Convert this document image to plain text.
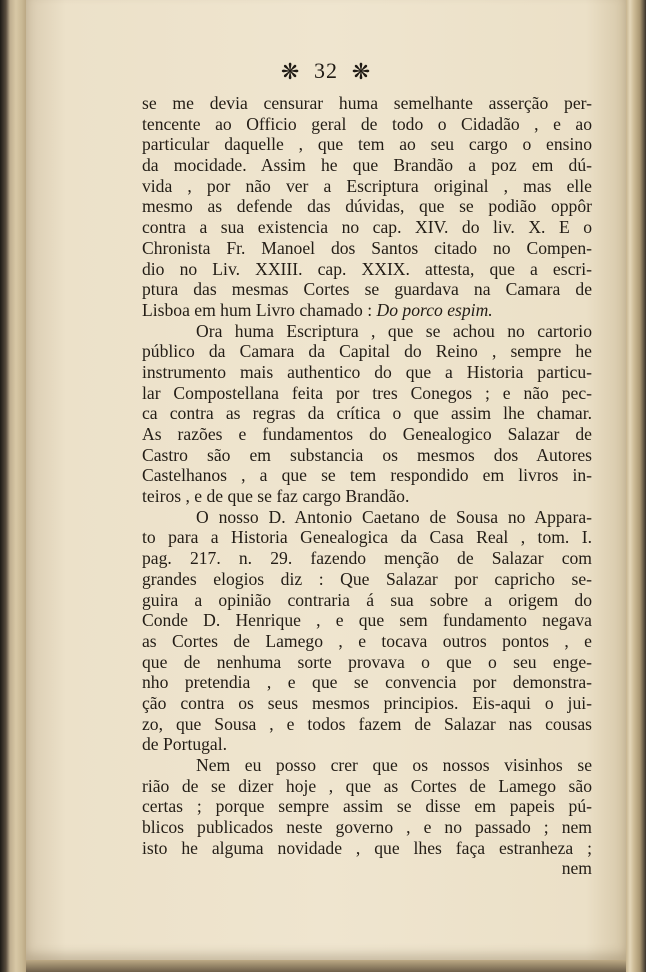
❋ 32 ❋
se me devia censurar huma semelhante asserção per-
tencente ao Officio geral de todo o Cidadão , e ao
particular daquelle , que tem ao seu cargo o ensino
da mocidade. Assim he que Brandão a poz em dú-
vida , por não ver a Escriptura original , mas elle
mesmo as defende das dúvidas, que se podião oppôr
contra a sua existencia no cap. XIV. do liv. X. E o
Chronista Fr. Manoel dos Santos citado no Compen-
dio no Liv. XXIII. cap. XXIX. attesta, que a escri-
ptura das mesmas Cortes se guardava na Camara de
Lisboa em hum Livro chamado : Do porco espim.
Ora huma Escriptura , que se achou no cartorio
público da Camara da Capital do Reino , sempre he
instrumento mais authentico do que a Historia particu-
lar Compostellana feita por tres Conegos ; e não pec-
ca contra as regras da crítica o que assim lhe chamar.
As razões e fundamentos do Genealogico Salazar de
Castro são em substancia os mesmos dos Autores
Castelhanos , a que se tem respondido em livros in-
teiros , e de que se faz cargo Brandão.
O nosso D. Antonio Caetano de Sousa no Appara-
to para a Historia Genealogica da Casa Real , tom. I.
pag. 217. n. 29. fazendo menção de Salazar com
grandes elogios diz : Que Salazar por capricho se-
guira a opinião contraria á sua sobre a origem do
Conde D. Henrique , e que sem fundamento negava
as Cortes de Lamego , e tocava outros pontos , e
que de nenhuma sorte provava o que o seu enge-
nho pretendia , e que se convencia por demonstra-
ção contra os seus mesmos principios. Eis-aqui o jui-
zo, que Sousa , e todos fazem de Salazar nas cousas
de Portugal.
Nem eu posso crer que os nossos visinhos se
rião de se dizer hoje , que as Cortes de Lamego são
certas ; porque sempre assim se disse em papeis pú-
blicos publicados neste governo , e no passado ; nem
isto he alguma novidade , que lhes faça estranheza ;
nem
